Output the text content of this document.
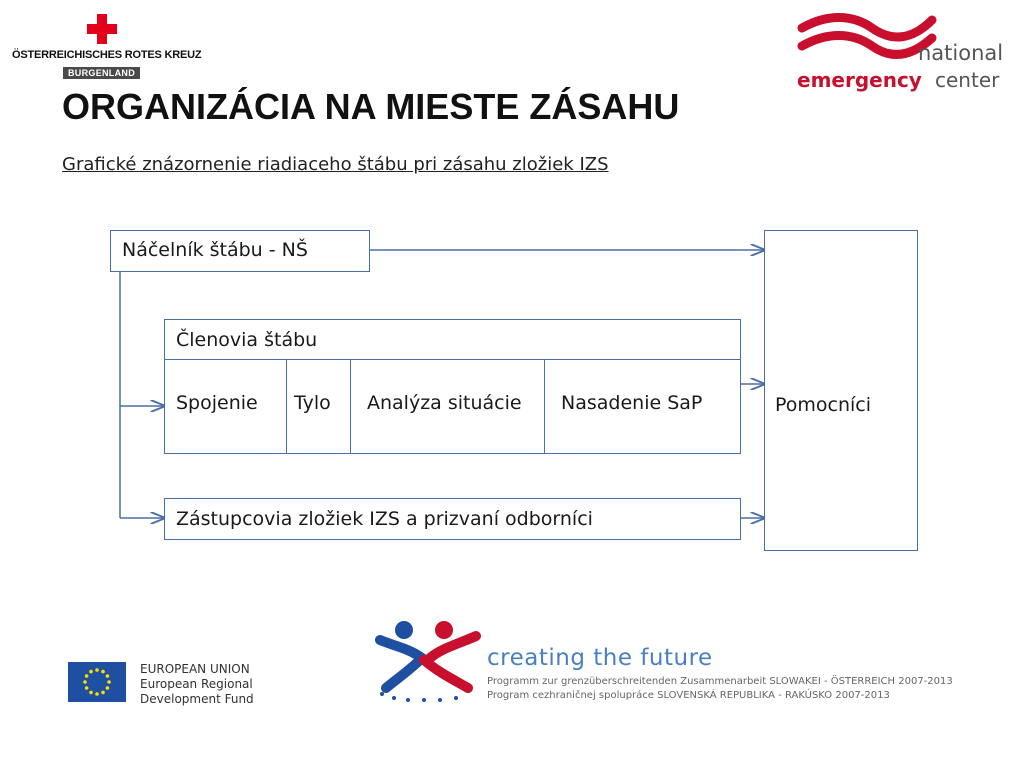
ÖSTERREICHISCHES ROTES KREUZ
BURGENLAND
national
emergency center
ORGANIZÁCIA NA MIESTE ZÁSAHU
Grafické znázornenie riadiaceho štábu pri zásahu zložiek IZS
Náčelník štábu - NŠ
Členovia štábu
Spojenie Tylo Analýza situácie Nasadenie SaP
Zástupcovia zložiek IZS a prizvaní odborníci
Pomocníci
EUROPEAN UNION
European Regional
Development Fund
creating the future
Programm zur grenzüberschreitenden Zusammenarbeit SLOWAKEI - ÖSTERREICH 2007-2013
Program cezhraničnej spolupráce SLOVENSKÁ REPUBLIKA - RAKÚSKO 2007-2013
